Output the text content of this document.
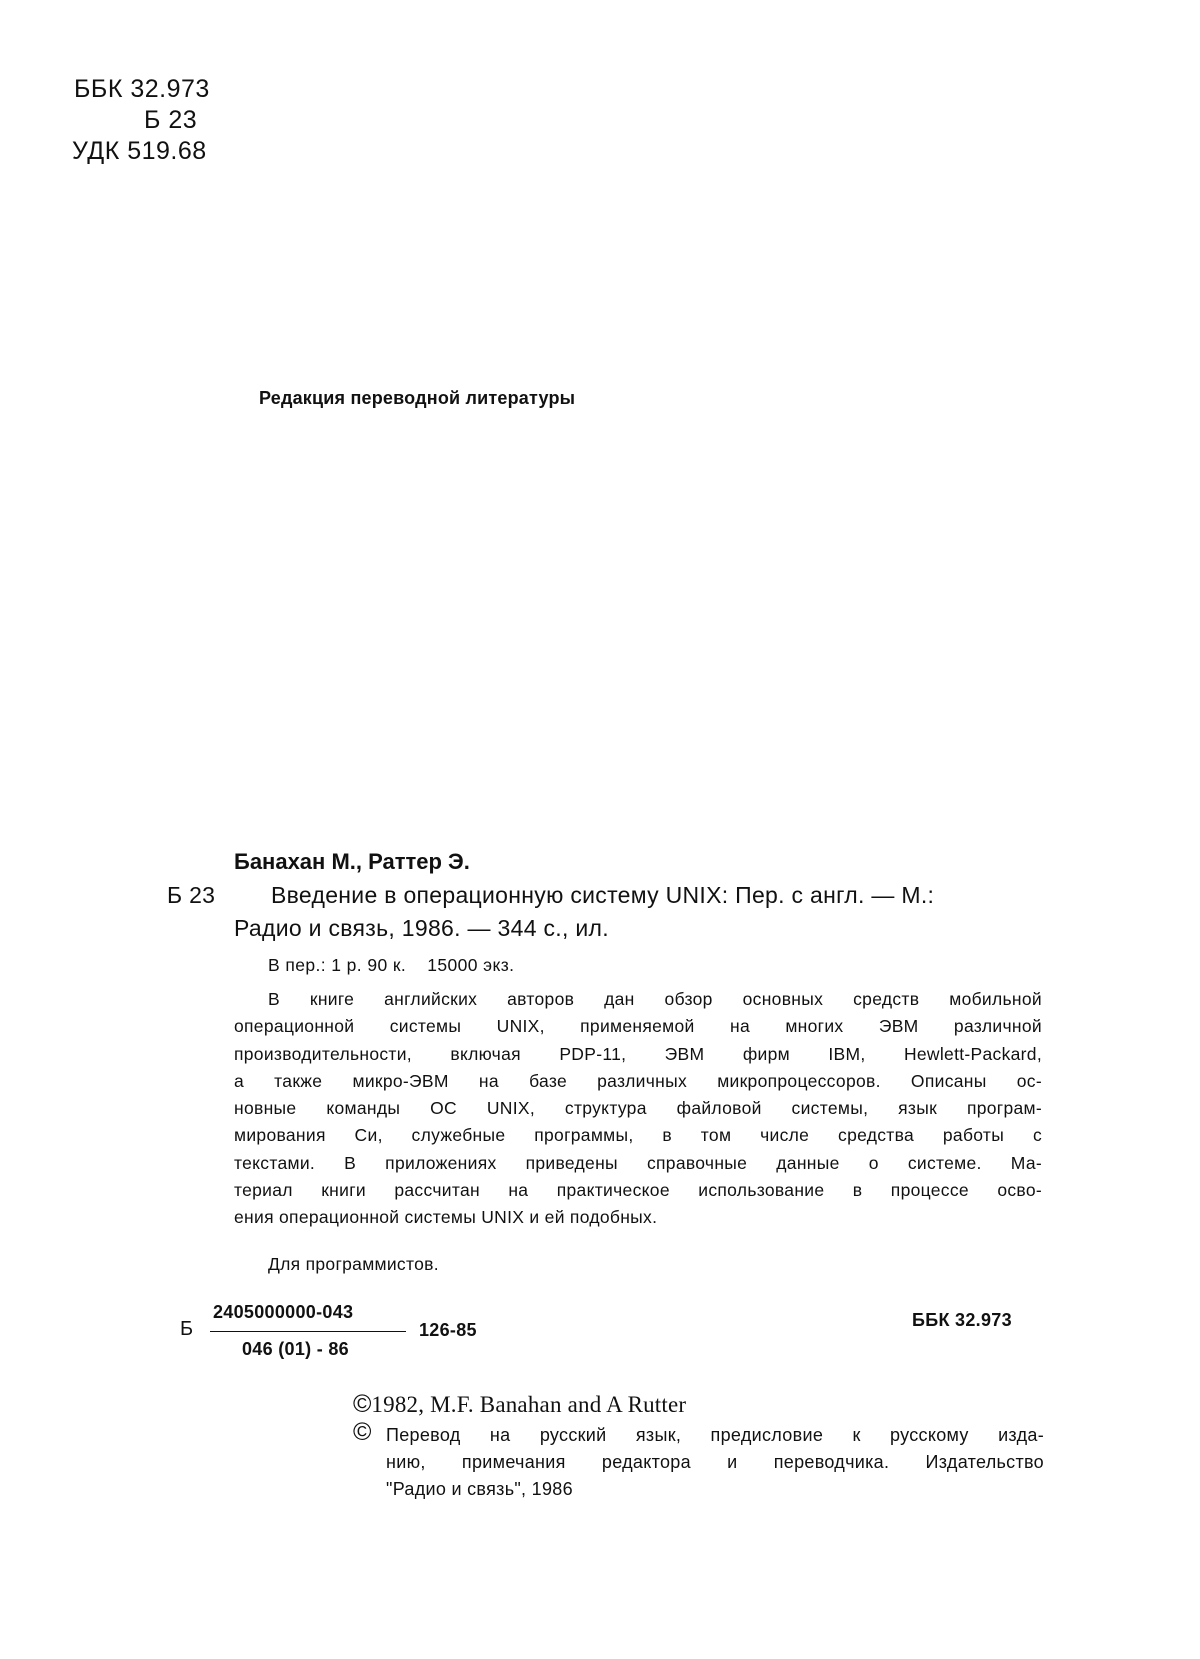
ББК 32.973
Б 23
УДК 519.68
Редакция переводной литературы
Банахан М., Раттер Э.
Б 23 Введение в операционную систему UNIX: Пер. с англ. — М.:
Радио и связь, 1986. — 344 с., ил.
В пер.: 1 р. 90 к.    15000 экз.
В книге английских авторов дан обзор основных средств мобильной
операционной системы UNIX, применяемой на многих ЭВМ различной
производительности, включая PDP-11, ЭВМ фирм IBM, Hewlett-Packard,
а также микро-ЭВМ на базе различных микропроцессоров. Описаны ос-
новные команды ОС UNIX, структура файловой системы, язык програм-
мирования Си, служебные программы, в том числе средства работы с
текстами. В приложениях приведены справочные данные о системе. Ма-
териал книги рассчитан на практическое использование в процессе осво-
ения операционной системы UNIX и ей подобных.
Для программистов.
Б
2405000000-043
046 (01) - 86
126-85	ББК 32.973
©1982, M.F. Banahan and A Rutter
© Перевод на русский язык, предисловие к русскому изда-
нию, примечания редактора и переводчика. Издательство
"Радио и связь", 1986
